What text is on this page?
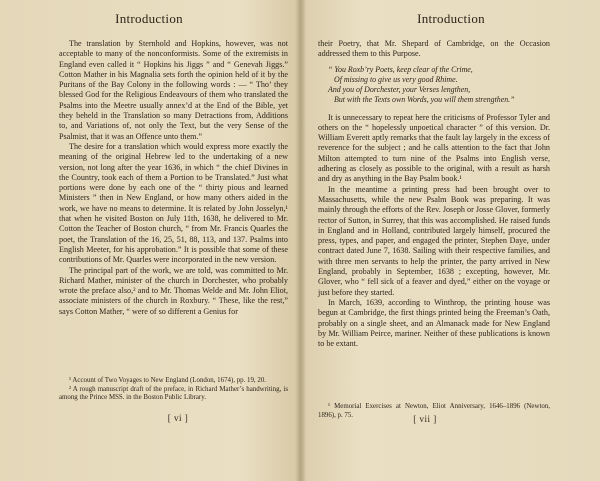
Introduction

The translation by Sternhold and Hopkins, however, was not acceptable to many of the nonconformists. Some of the extremists in England even called it “ Hopkins his Jiggs ” and “ Genevah Jiggs.” Cotton Mather in his Magnalia sets forth the opinion held of it by the Puritans of the Bay Colony in the following words : — “ Tho’ they blessed God for the Religious Endeavours of them who translated the Psalms into the Meetre usually annex’d at the End of the Bible, yet they beheld in the Translation so many Detractions from, Additions to, and Variations of, not only the Text, but the very Sense of the Psalmist, that it was an Offence unto them.”

The desire for a translation which would express more exactly the meaning of the original Hebrew led to the undertaking of a new version, not long after the year 1636, in which “ the chief Divines in the Country, took each of them a Portion to be Translated.” Just what portions were done by each one of the “ thirty pious and learned Ministers ” then in New England, or how many others aided in the work, we have no means to determine. It is related by John Josselyn,¹ that when he visited Boston on July 11th, 1638, he delivered to Mr. Cotton the Teacher of Boston church, “ from Mr. Francis Quarles the poet, the Translation of the 16, 25, 51, 88, 113, and 137. Psalms into English Meeter, for his approbation.” It is possible that some of these contributions of Mr. Quarles were incorporated in the new version.

The principal part of the work, we are told, was committed to Mr. Richard Mather, minister of the church in Dorchester, who probably wrote the preface also,² and to Mr. Thomas Welde and Mr. John Eliot, associate ministers of the church in Roxbury. “ These, like the rest,” says Cotton Mather, “ were of so different a Genius for

¹ Account of Two Voyages to New England (London, 1674), pp. 19, 20.

² A rough manuscript draft of the preface, in Richard Mather’s handwriting, is among the Prince MSS. in the Boston Public Library.

[ vi ]
Introduction

their Poetry, that Mr. Shepard of Cambridge, on the Occasion addressed them to this Purpose.

“ You Roxb’ry Poets, keep clear of the Crime,
Of missing to give us very good Rhime.
And you of Dorchester, your Verses lengthen,
But with the Texts own Words, you will them strengthen.”

It is unnecessary to repeat here the criticisms of Professor Tyler and others on the “ hopelessly unpoetical character ” of this version. Dr. William Everett aptly remarks that the fault lay largely in the excess of reverence for the subject ; and he calls attention to the fact that John Milton attempted to turn nine of the Psalms into English verse, adhering as closely as possible to the original, with a result as harsh and dry as anything in the Bay Psalm book.¹

In the meantime a printing press had been brought over to Massachusetts, while the new Psalm Book was preparing. It was mainly through the efforts of the Rev. Joseph or Josse Glover, formerly rector of Sutton, in Surrey, that this was accomplished. He raised funds in England and in Holland, contributed largely himself, procured the press, types, and paper, and engaged the printer, Stephen Daye, under contract dated June 7, 1638. Sailing with their respective families, and with three men servants to help the printer, the party arrived in New England, probably in September, 1638 ; excepting, however, Mr. Glover, who “ fell sick of a feaver and dyed,” either on the voyage or just before they started.

In March, 1639, according to Winthrop, the printing house was begun at Cambridge, the first things printed being the Freeman’s Oath, probably on a single sheet, and an Almanack made for New England by Mr. William Peirce, mariner. Neither of these publications is known to be extant.

¹ Memorial Exercises at Newton, Eliot Anniversary, 1646–1896 (Newton, 1896), p. 75.	[ vii ]
